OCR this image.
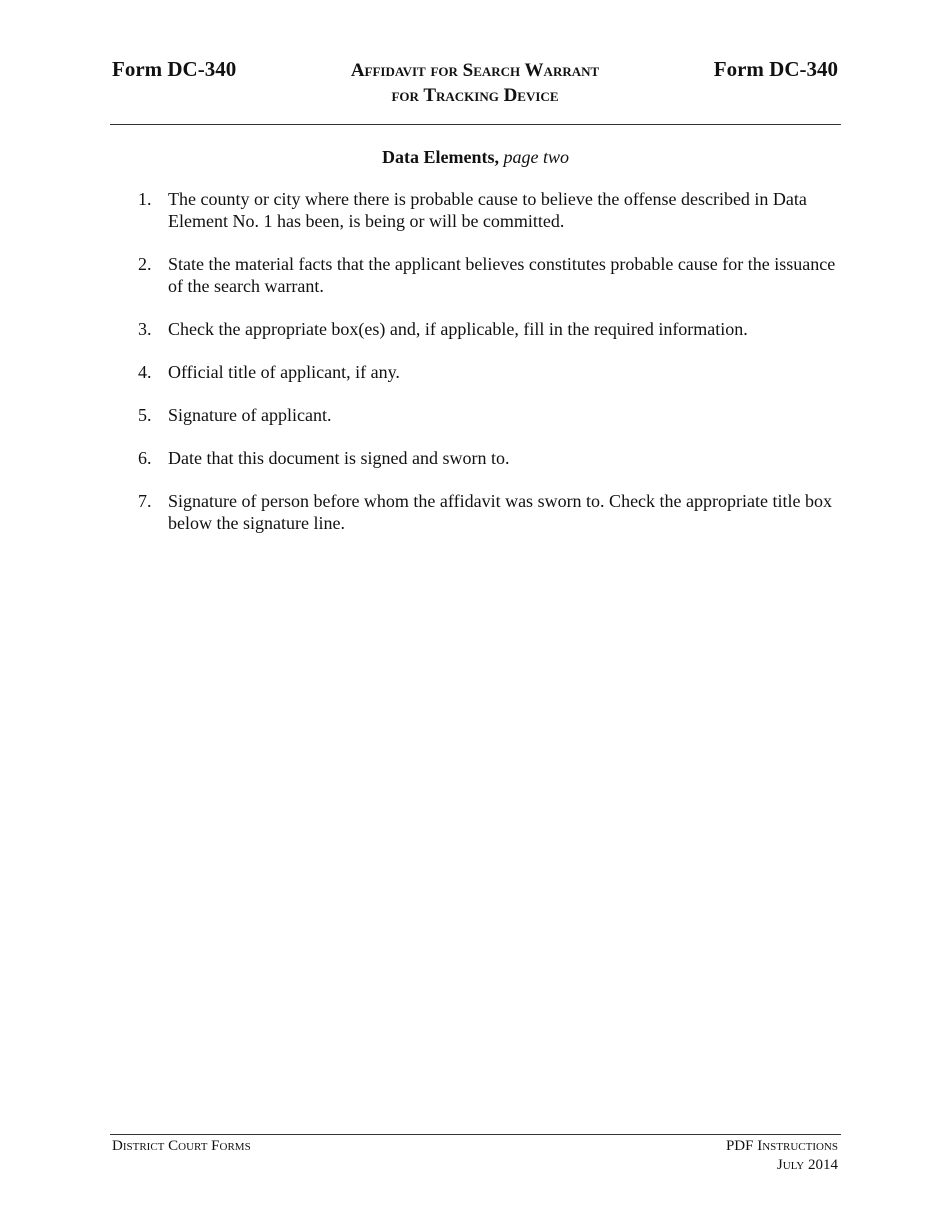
Form DC-340	Affidavit for Search Warrant
for Tracking Device
Form DC-340
Data Elements, page two
1. The county or city where there is probable cause to believe the offense described in Data Element No. 1 has been, is being or will be committed.
2. State the material facts that the applicant believes constitutes probable cause for the issuance of the search warrant.
3. Check the appropriate box(es) and, if applicable, fill in the required information.
4. Official title of applicant, if any.
5. Signature of applicant.
6. Date that this document is signed and sworn to.
7. Signature of person before whom the affidavit was sworn to. Check the appropriate title box below the signature line.
District Court Forms	PDF Instructions
July 2014
